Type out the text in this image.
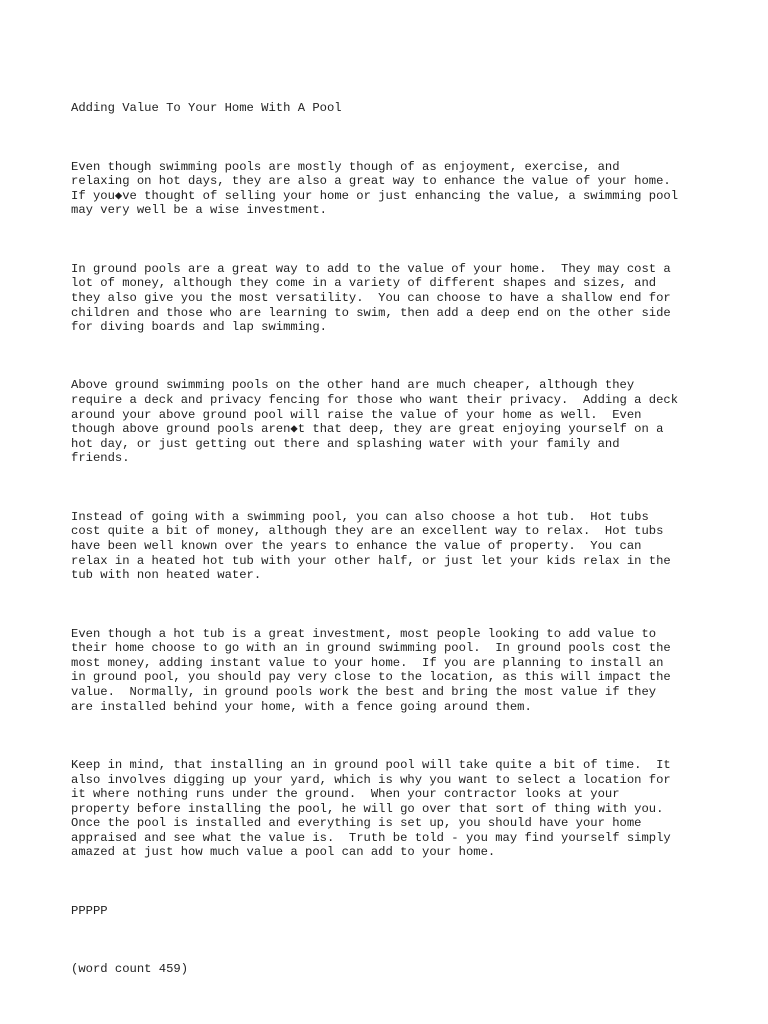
Adding Value To Your Home With A Pool

Even though swimming pools are mostly though of as enjoyment, exercise, and
relaxing on hot days, they are also a great way to enhance the value of your home.
If you◆ve thought of selling your home or just enhancing the value, a swimming pool
may very well be a wise investment.

In ground pools are a great way to add to the value of your home.  They may cost a
lot of money, although they come in a variety of different shapes and sizes, and
they also give you the most versatility.  You can choose to have a shallow end for
children and those who are learning to swim, then add a deep end on the other side
for diving boards and lap swimming.

Above ground swimming pools on the other hand are much cheaper, although they
require a deck and privacy fencing for those who want their privacy.  Adding a deck
around your above ground pool will raise the value of your home as well.  Even
though above ground pools aren◆t that deep, they are great enjoying yourself on a
hot day, or just getting out there and splashing water with your family and
friends.

Instead of going with a swimming pool, you can also choose a hot tub.  Hot tubs
cost quite a bit of money, although they are an excellent way to relax.  Hot tubs
have been well known over the years to enhance the value of property.  You can
relax in a heated hot tub with your other half, or just let your kids relax in the
tub with non heated water.

Even though a hot tub is a great investment, most people looking to add value to
their home choose to go with an in ground swimming pool.  In ground pools cost the
most money, adding instant value to your home.  If you are planning to install an
in ground pool, you should pay very close to the location, as this will impact the
value.  Normally, in ground pools work the best and bring the most value if they
are installed behind your home, with a fence going around them.

Keep in mind, that installing an in ground pool will take quite a bit of time.  It
also involves digging up your yard, which is why you want to select a location for
it where nothing runs under the ground.  When your contractor looks at your
property before installing the pool, he will go over that sort of thing with you.
Once the pool is installed and everything is set up, you should have your home
appraised and see what the value is.  Truth be told - you may find yourself simply
amazed at just how much value a pool can add to your home.

PPPPP

(word count 459)
